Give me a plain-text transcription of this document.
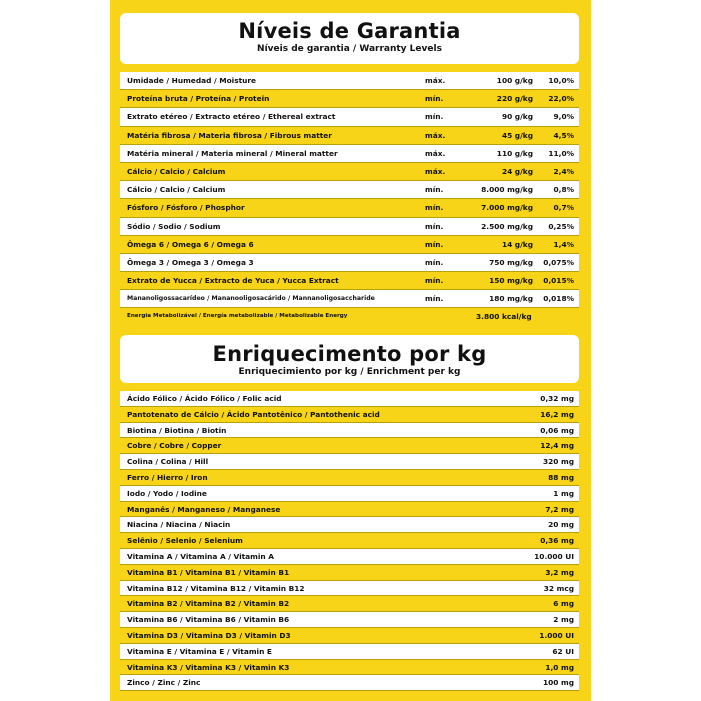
Níveis de Garantia
Níveis de garantia / Warranty Levels
Umidade / Humedad / Moisture	máx.	100 g/kg 10,0%
Proteína bruta / Proteína / Protein	mín.	220 g/kg 22,0%
Extrato etéreo / Extracto etéreo / Ethereal extract	mín.	90 g/kg	9,0%
Matéria fibrosa / Materia fibrosa / Fibrous matter	máx.	45 g/kg	4,5%
Matéria mineral / Materia mineral / Mineral matter	máx.	110 g/kg 11,0%
Cálcio / Calcio / Calcium	máx.	24 g/kg	2,4%
Cálcio / Calcio / Calcium	mín.	8.000 mg/kg	0,8%
Fósforo / Fósforo / Phosphor	mín.	7.000 mg/kg	0,7%
Sódio / Sodio / Sodium	mín.	2.500 mg/kg 0,25%
Ômega 6 / Omega 6 / Omega 6	mín.	14 g/kg	1,4%
Ômega 3 / Omega 3 / Omega 3	mín.	750 mg/kg 0,075%
Extrato de Yucca / Extracto de Yuca / Yucca Extract	mín.	150 mg/kg 0,015%
Mananoligossacarídeo / Mananooligosacárido / Mannanoligosaccharide	mín.	180 mg/kg 0,018%
Energia Metabolizável / Energía metabolizable / Metabolizable Energy	3.800 kcal/kg
Enriquecimento por kg
Enriquecimiento por kg / Enrichment per kg
Ácido Fólico / Ácido Fólico / Folic acid	0,32 mg
Pantotenato de Cálcio / Ácido Pantotênico / Pantothenic acid	16,2 mg
Biotina / Biotina / Biotin	0,06 mg
Cobre / Cobre / Copper	12,4 mg
Colina / Colina / Hill	320 mg
Ferro / Hierro / Iron	88 mg
Iodo / Yodo / Iodine	1 mg
Manganês / Manganeso / Manganese	7,2 mg
Niacina / Niacina / Niacin	20 mg
Selênio / Selenio / Selenium	0,36 mg
Vitamina A / Vitamina A / Vitamin A	10.000 UI
Vitamina B1 / Vitamina B1 / Vitamin B1	3,2 mg
Vitamina B12 / Vitamina B12 / Vitamin B12	32 mcg
Vitamina B2 / Vitamina B2 / Vitamin B2	6 mg
Vitamina B6 / Vitamina B6 / Vitamin B6	2 mg
Vitamina D3 / Vitamina D3 / Vitamin D3	1.000 UI
Vitamina E / Vitamina E / Vitamin E	62 UI
Vitamina K3 / Vitamina K3 / Vitamin K3	1,0 mg
Zinco / Zinc / Zinc	100 mg
